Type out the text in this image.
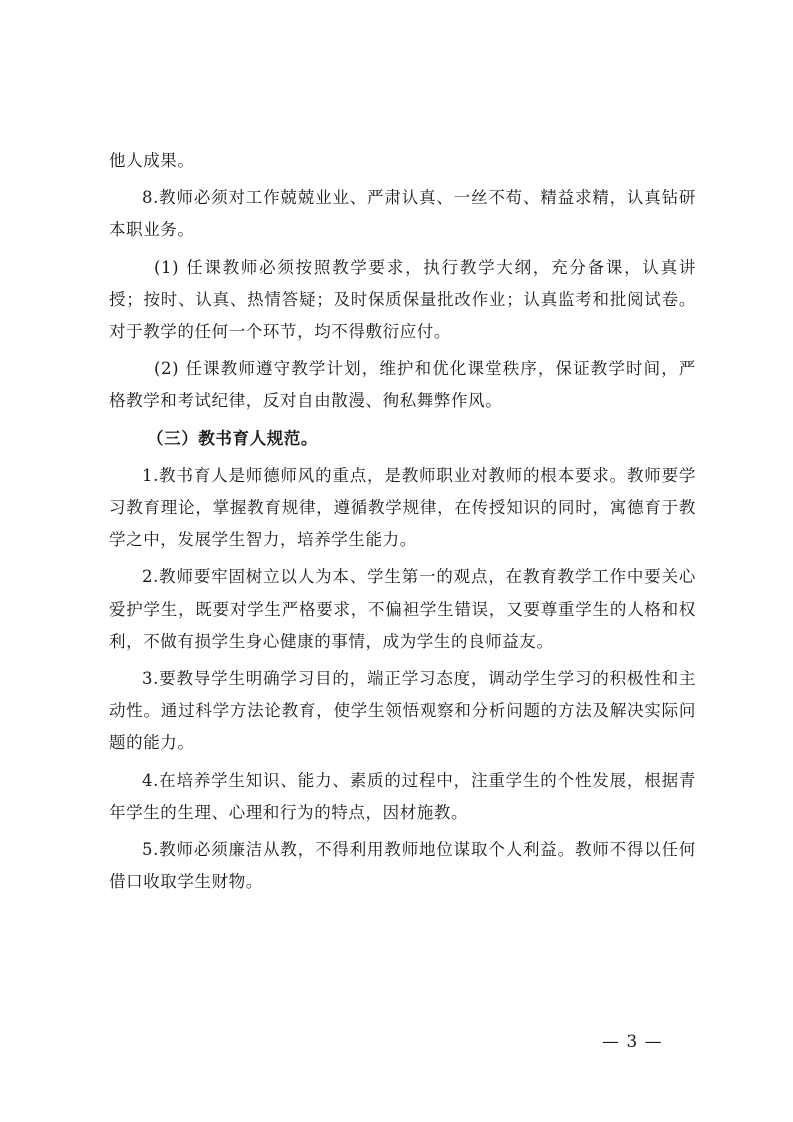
他人成果。

8.教师必须对工作兢兢业业、严肃认真、一丝不苟、精益求精，认真钻研本职业务。

(1) 任课教师必须按照教学要求，执行教学大纲，充分备课，认真讲授；按时、认真、热情答疑；及时保质保量批改作业；认真监考和批阅试卷。对于教学的任何一个环节，均不得敷衍应付。

(2) 任课教师遵守教学计划，维护和优化课堂秩序，保证教学时间，严格教学和考试纪律，反对自由散漫、徇私舞弊作风。

（三）教书育人规范。

1.教书育人是师德师风的重点，是教师职业对教师的根本要求。教师要学习教育理论，掌握教育规律，遵循教学规律，在传授知识的同时，寓德育于教学之中，发展学生智力，培养学生能力。

2.教师要牢固树立以人为本、学生第一的观点，在教育教学工作中要关心爱护学生，既要对学生严格要求，不偏袒学生错误，又要尊重学生的人格和权利，不做有损学生身心健康的事情，成为学生的良师益友。

3.要教导学生明确学习目的，端正学习态度，调动学生学习的积极性和主动性。通过科学方法论教育，使学生领悟观察和分析问题的方法及解决实际问题的能力。

4.在培养学生知识、能力、素质的过程中，注重学生的个性发展，根据青年学生的生理、心理和行为的特点，因材施教。

5.教师必须廉洁从教，不得利用教师地位谋取个人利益。教师不得以任何借口收取学生财物。

— 3 —
